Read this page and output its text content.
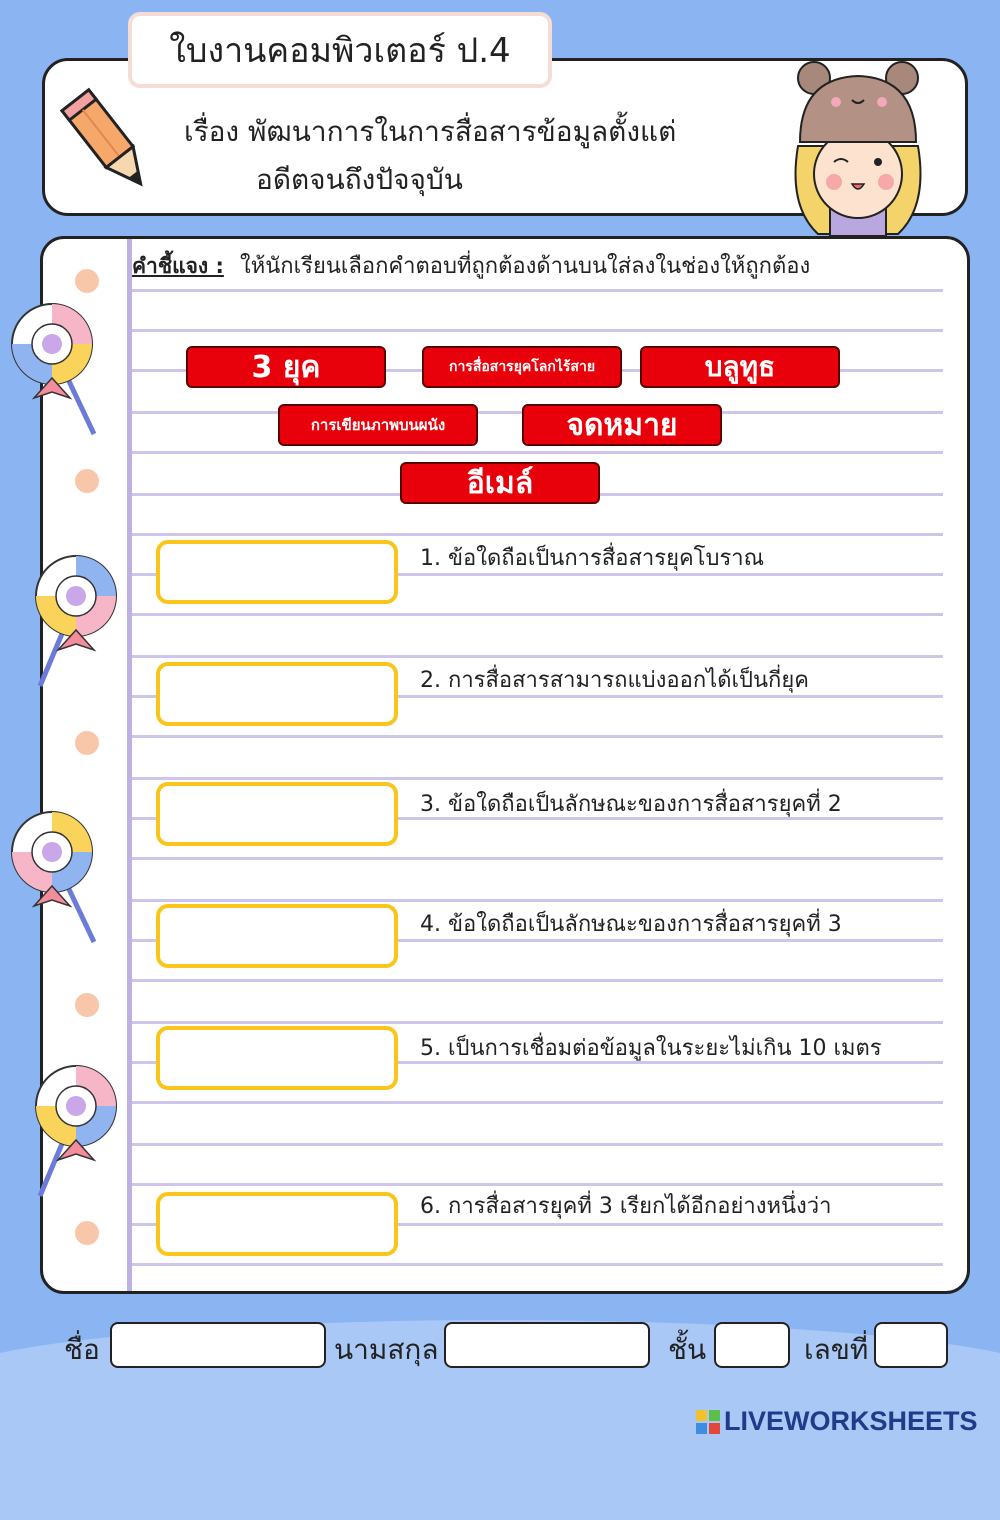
ใบงานคอมพิวเตอร์ ป.4
เรื่อง พัฒนาการในการสื่อสารข้อมูลตั้งแต่
อดีตจนถึงปัจจุบัน
คำชี้แจง : ให้นักเรียนเลือกคำตอบที่ถูกต้องด้านบนใส่ลงในช่องให้ถูกต้อง
3 ยุค	การสื่อสารยุคโลกไร้สาย	บลูทูธ
การเขียนภาพบนผนัง	จดหมาย
อีเมล์
1. ข้อใดถือเป็นการสื่อสารยุคโบราณ
2. การสื่อสารสามารถแบ่งออกได้เป็นกี่ยุค
3. ข้อใดถือเป็นลักษณะของการสื่อสารยุคที่ 2
4. ข้อใดถือเป็นลักษณะของการสื่อสารยุคที่ 3
5. เป็นการเชื่อมต่อข้อมูลในระยะไม่เกิน 10 เมตร
6. การสื่อสารยุคที่ 3 เรียกได้อีกอย่างหนึ่งว่า
ชื่อ	นามสกุล	ชั้น	เลขที่
LIVEWORKSHEETS
